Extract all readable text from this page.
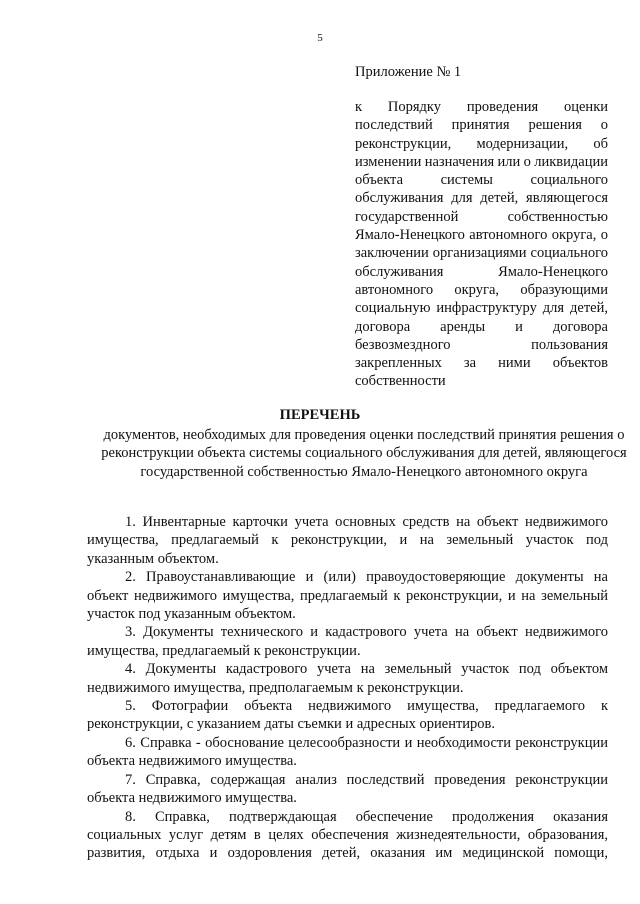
5
Приложение № 1
к Порядку проведения оценки последствий принятия решения о реконструкции, модернизации, об изменении назначения или о ликвидации объекта системы социального обслуживания для детей, являющегося государственной собственностью Ямало-Ненецкого автономного округа, о заключении организациями социального обслуживания Ямало-Ненецкого автономного округа, образующими социальную инфраструктуру для детей, договора аренды и договора безвозмездного пользования закрепленных за ними объектов собственности
ПЕРЕЧЕНЬ
документов, необходимых для проведения оценки последствий принятия решения о реконструкции объекта системы социального обслуживания для детей, являющегося государственной собственностью Ямало-Ненецкого автономного округа

1. Инвентарные карточки учета основных средств на объект недвижимого имущества, предлагаемый к реконструкции, и на земельный участок под указанным объектом.

2. Правоустанавливающие и (или) правоудостоверяющие документы на объект недвижимого имущества, предлагаемый к реконструкции, и на земельный участок под указанным объектом.

3. Документы технического и кадастрового учета на объект недвижимого имущества, предлагаемый к реконструкции.

4. Документы кадастрового учета на земельный участок под объектом недвижимого имущества, предполагаемым к реконструкции.

5. Фотографии объекта недвижимого имущества, предлагаемого к реконструкции, с указанием даты съемки и адресных ориентиров.

6. Справка - обоснование целесообразности и необходимости реконструкции объекта недвижимого имущества.

7. Справка, содержащая анализ последствий проведения реконструкции объекта недвижимого имущества.

8. Справка, подтверждающая обеспечение продолжения оказания социальных услуг детям в целях обеспечения жизнедеятельности, образования, развития, отдыха и оздоровления детей, оказания им медицинской помощи,
